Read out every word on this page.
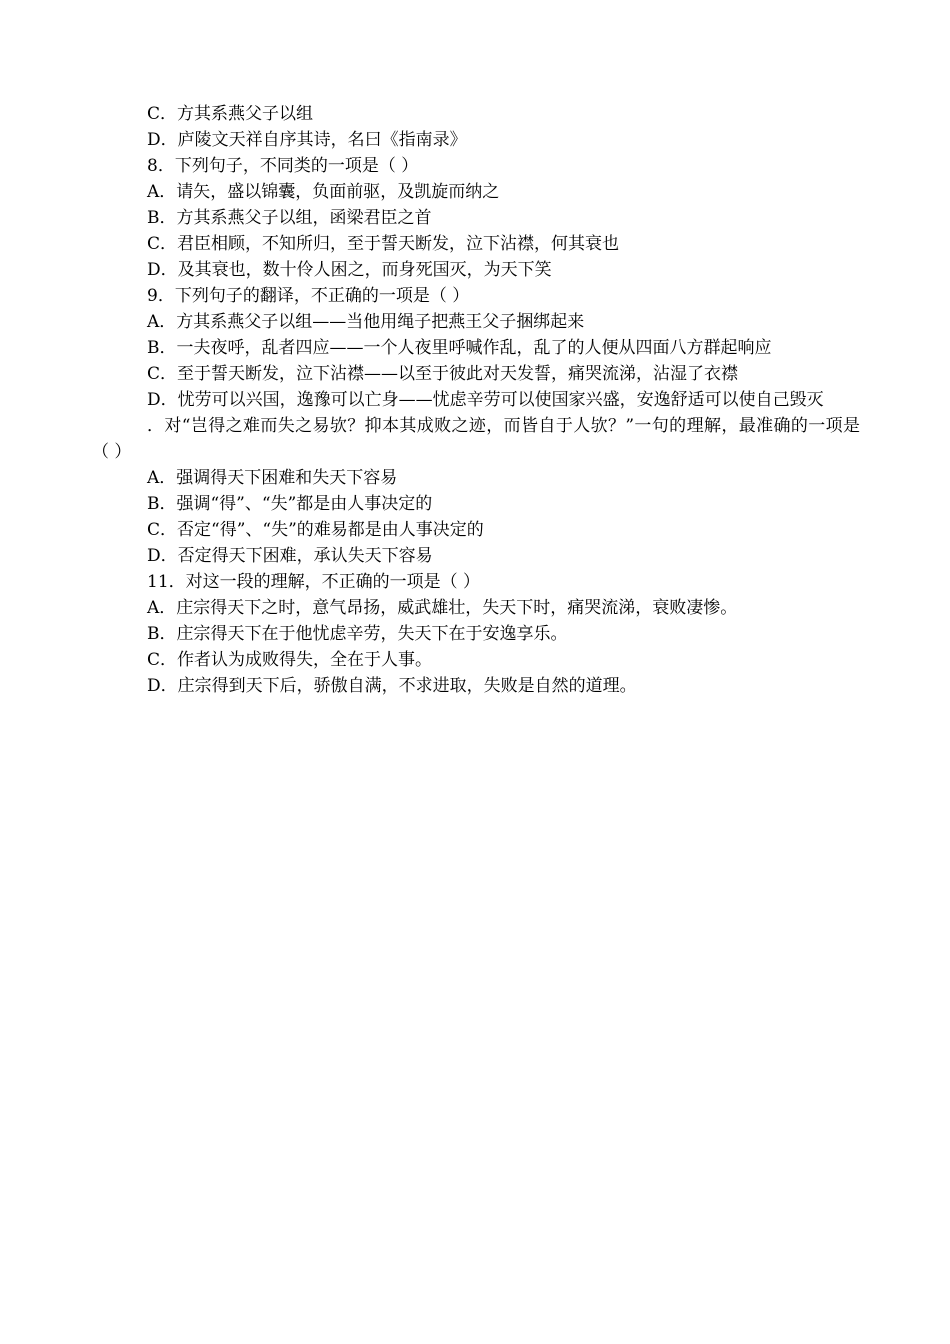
C．方其系燕父子以组
D．庐陵文天祥自序其诗，名曰《指南录》
8．下列句子，不同类的一项是（ ）
A．请矢，盛以锦囊，负面前驱，及凯旋而纳之
B．方其系燕父子以组，函梁君臣之首
C．君臣相顾，不知所归，至于誓天断发，泣下沾襟，何其衰也
D．及其衰也，数十伶人困之，而身死国灭，为天下笑
9．下列句子的翻译，不正确的一项是（ ）
A．方其系燕父子以组——当他用绳子把燕王父子捆绑起来
B．一夫夜呼，乱者四应——一个人夜里呼喊作乱，乱了的人便从四面八方群起响应
C．至于誓天断发，泣下沾襟——以至于彼此对天发誓，痛哭流涕，沾湿了衣襟
D．忧劳可以兴国，逸豫可以亡身——忧虑辛劳可以使国家兴盛，安逸舒适可以使自己毁灭
．对“岂得之难而失之易欤？抑本其成败之迹，而皆自于人欤？”一句的理解，最准确的一项是（ ）
A．强调得天下困难和失天下容易
B．强调“得”、“失”都是由人事决定的
C．否定“得”、“失”的难易都是由人事决定的
D．否定得天下困难，承认失天下容易
11．对这一段的理解，不正确的一项是（ ）
A．庄宗得天下之时，意气昂扬，威武雄壮，失天下时，痛哭流涕，衰败凄惨。
B．庄宗得天下在于他忧虑辛劳，失天下在于安逸享乐。
C．作者认为成败得失，全在于人事。
D．庄宗得到天下后，骄傲自满，不求进取，失败是自然的道理。
